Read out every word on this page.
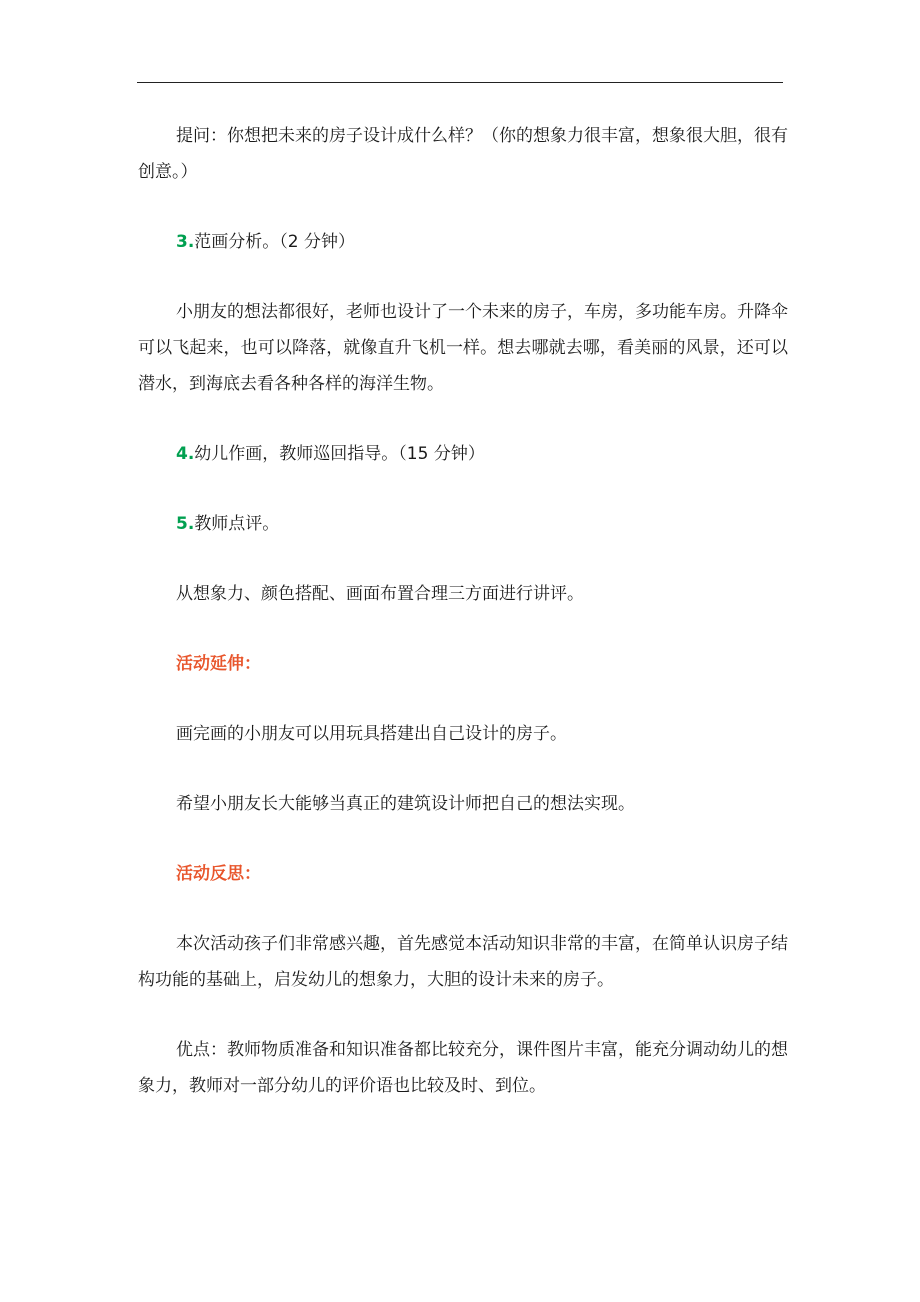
提问：你想把未来的房子设计成什么样？（你的想象力很丰富，想象很大胆，很有创意。）

3.范画分析。（2 分钟）

小朋友的想法都很好，老师也设计了一个未来的房子，车房，多功能车房。升降伞可以飞起来，也可以降落，就像直升飞机一样。想去哪就去哪，看美丽的风景，还可以潜水，到海底去看各种各样的海洋生物。

4.幼儿作画，教师巡回指导。（15 分钟）

5.教师点评。

从想象力、颜色搭配、画面布置合理三方面进行讲评。

活动延伸：

画完画的小朋友可以用玩具搭建出自己设计的房子。

希望小朋友长大能够当真正的建筑设计师把自己的想法实现。

活动反思：

本次活动孩子们非常感兴趣，首先感觉本活动知识非常的丰富，在简单认识房子结构功能的基础上，启发幼儿的想象力，大胆的设计未来的房子。

优点：教师物质准备和知识准备都比较充分，课件图片丰富，能充分调动幼儿的想象力，教师对一部分幼儿的评价语也比较及时、到位。
